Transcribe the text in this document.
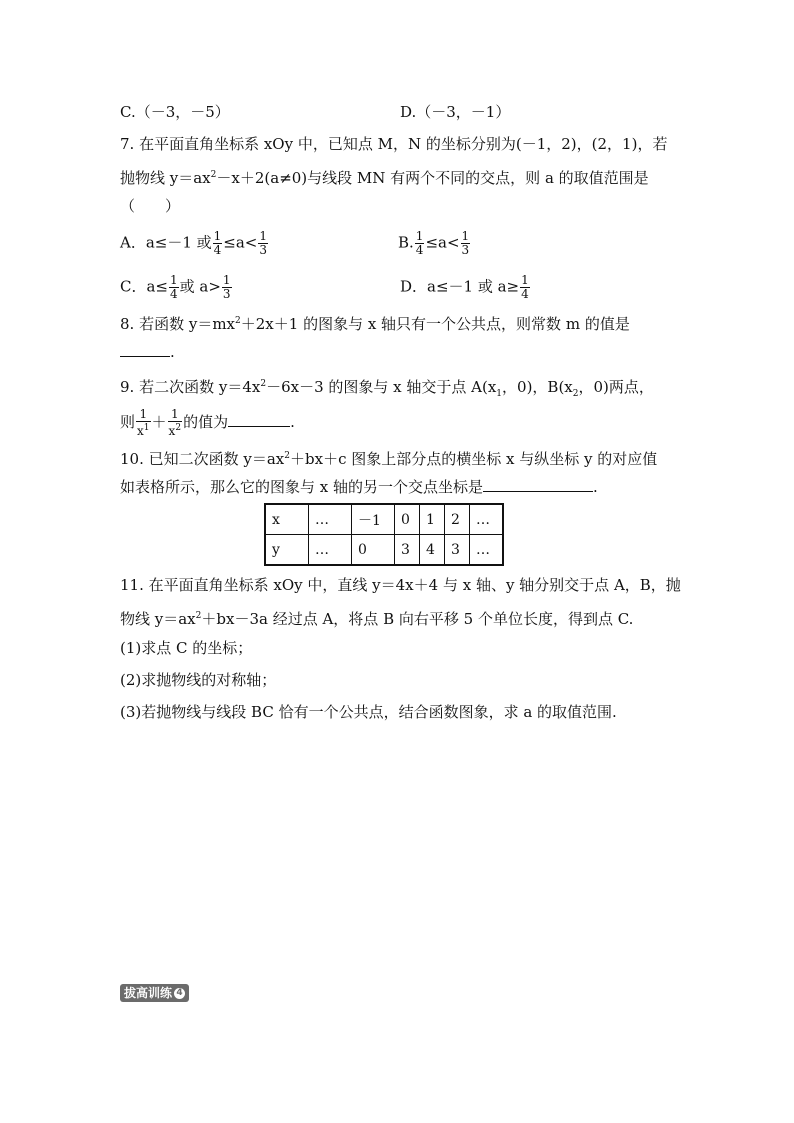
C.（－3，－5）	D.（－3，－1）
7. 在平面直角坐标系 xOy 中，已知点 M，N 的坐标分别为(－1，2)，(2，1)，若
抛物线 $y=ax^2-x+2(a\ne 0)$与线段 MN 有两个不同的交点，则 a 的取值范围是
（　　）
A．a≤－1 或 $\frac{1}{4} \le a< \frac{1}{3}$	B. $\frac{1}{4} \le a< \frac{1}{3}$
C．$a\le \frac{1}{4}$ 或 $a> \frac{1}{3}$	D．a≤－1 或 $a\ge \frac{1}{4}$
8. 若函数 $y=mx^2+2x+1$ 的图象与 x 轴只有一个公共点，则常数 m 的值是
.
9. 若二次函数 $y=4x^2-6x-3$ 的图象与 x 轴交于点 $A(x_1$，0)，$B(x_2$，0)两点，
则 $\frac{1}{x^1} + \frac{1}{x^2}$ 的值为	.
10. 已知二次函数 $y=ax^2+bx+c$ 图象上部分点的横坐标 x 与纵坐标 y 的对应值
如表格所示，那么它的图象与 x 轴的另一个交点坐标是	.
x	…	－1	0	1	2	…
y	…	0	3	4	3	…
11. 在平面直角坐标系 xOy 中，直线 y＝4x＋4 与 x 轴、y 轴分别交于点 A，B，抛
物线 $y=ax^2+bx-3a$ 经过点 A，将点 B 向右平移 5 个单位长度，得到点 C.
(1)求点 C 的坐标；
(2)求抛物线的对称轴；
(3)若抛物线与线段 BC 恰有一个公共点，结合函数图象，求 a 的取值范围.
拔高训练 4
